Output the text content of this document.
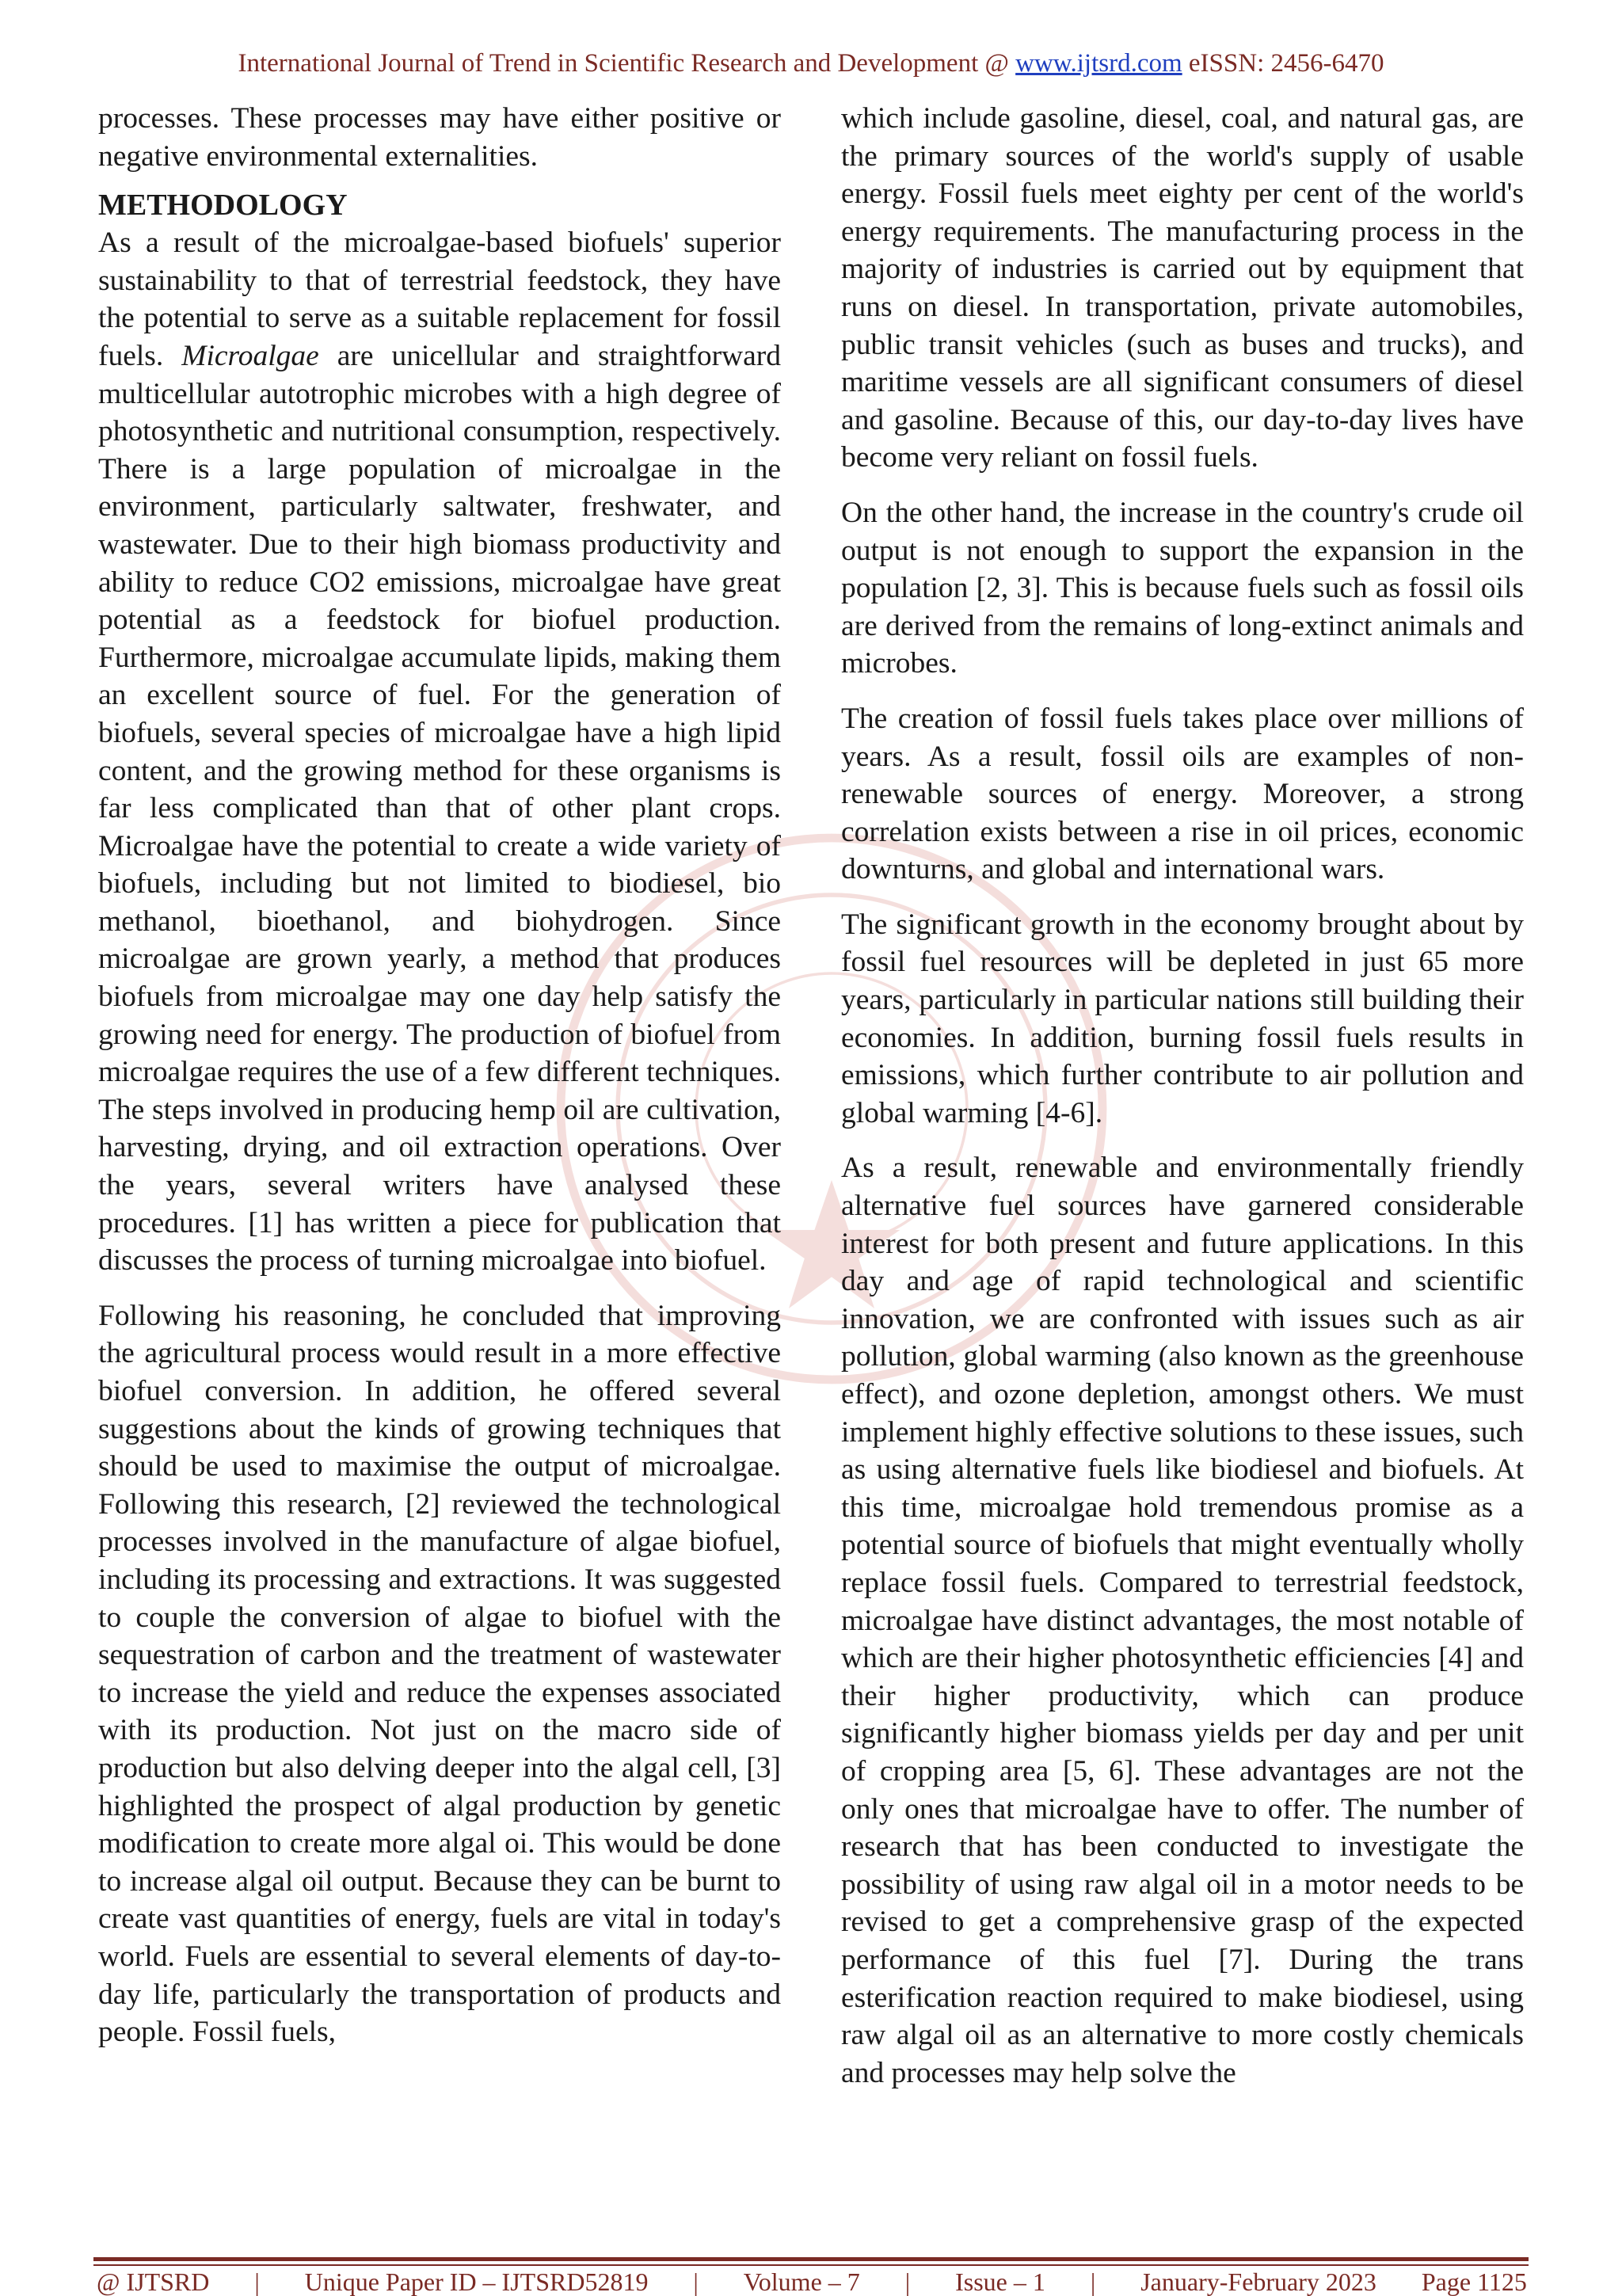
International Journal of Trend in Scientific Research and Development @ www.ijtsrd.com eISSN: 2456-6470

processes. These processes may have either positive or negative environmental externalities.

METHODOLOGY

As a result of the microalgae-based biofuels' superior sustainability to that of terrestrial feedstock, they have the potential to serve as a suitable replacement for fossil fuels. Microalgae are unicellular and straightforward multicellular autotrophic microbes with a high degree of photosynthetic and nutritional consumption, respectively. There is a large population of microalgae in the environment, particularly saltwater, freshwater, and wastewater. Due to their high biomass productivity and ability to reduce CO2 emissions, microalgae have great potential as a feedstock for biofuel production. Furthermore, microalgae accumulate lipids, making them an excellent source of fuel. For the generation of biofuels, several species of microalgae have a high lipid content, and the growing method for these organisms is far less complicated than that of other plant crops. Microalgae have the potential to create a wide variety of biofuels, including but not limited to biodiesel, bio methanol, bioethanol, and biohydrogen. Since microalgae are grown yearly, a method that produces biofuels from microalgae may one day help satisfy the growing need for energy. The production of biofuel from microalgae requires the use of a few different techniques. The steps involved in producing hemp oil are cultivation, harvesting, drying, and oil extraction operations. Over the years, several writers have analysed these procedures. [1] has written a piece for publication that discusses the process of turning microalgae into biofuel.

Following his reasoning, he concluded that improving the agricultural process would result in a more effective biofuel conversion. In addition, he offered several suggestions about the kinds of growing techniques that should be used to maximise the output of microalgae. Following this research, [2] reviewed the technological processes involved in the manufacture of algae biofuel, including its processing and extractions. It was suggested to couple the conversion of algae to biofuel with the sequestration of carbon and the treatment of wastewater to increase the yield and reduce the expenses associated with its production. Not just on the macro side of production but also delving deeper into the algal cell, [3] highlighted the prospect of algal production by genetic modification to create more algal oi. This would be done to increase algal oil output. Because they can be burnt to create vast quantities of energy, fuels are vital in today's world. Fuels are essential to several elements of day-to-day life, particularly the transportation of products and people. Fossil fuels,

which include gasoline, diesel, coal, and natural gas, are the primary sources of the world's supply of usable energy. Fossil fuels meet eighty per cent of the world's energy requirements. The manufacturing process in the majority of industries is carried out by equipment that runs on diesel. In transportation, private automobiles, public transit vehicles (such as buses and trucks), and maritime vessels are all significant consumers of diesel and gasoline. Because of this, our day-to-day lives have become very reliant on fossil fuels.

On the other hand, the increase in the country's crude oil output is not enough to support the expansion in the population [2, 3]. This is because fuels such as fossil oils are derived from the remains of long-extinct animals and microbes.

The creation of fossil fuels takes place over millions of years. As a result, fossil oils are examples of non-renewable sources of energy. Moreover, a strong correlation exists between a rise in oil prices, economic downturns, and global and international wars.

The significant growth in the economy brought about by fossil fuel resources will be depleted in just 65 more years, particularly in particular nations still building their economies. In addition, burning fossil fuels results in emissions, which further contribute to air pollution and global warming [4-6].

As a result, renewable and environmentally friendly alternative fuel sources have garnered considerable interest for both present and future applications. In this day and age of rapid technological and scientific innovation, we are confronted with issues such as air pollution, global warming (also known as the greenhouse effect), and ozone depletion, amongst others. We must implement highly effective solutions to these issues, such as using alternative fuels like biodiesel and biofuels. At this time, microalgae hold tremendous promise as a potential source of biofuels that might eventually wholly replace fossil fuels. Compared to terrestrial feedstock, microalgae have distinct advantages, the most notable of which are their higher photosynthetic efficiencies [4] and their higher productivity, which can produce significantly higher biomass yields per day and per unit of cropping area [5, 6]. These advantages are not the only ones that microalgae have to offer. The number of research that has been conducted to investigate the possibility of using raw algal oil in a motor needs to be revised to get a comprehensive grasp of the expected performance of this fuel [7]. During the trans esterification reaction required to make biodiesel, using raw algal oil as an alternative to more costly chemicals and processes may help solve the

@ IJTSRD | Unique Paper ID – IJTSRD52819 | Volume – 7 | Issue – 1 | January-February 2023 Page 1125
